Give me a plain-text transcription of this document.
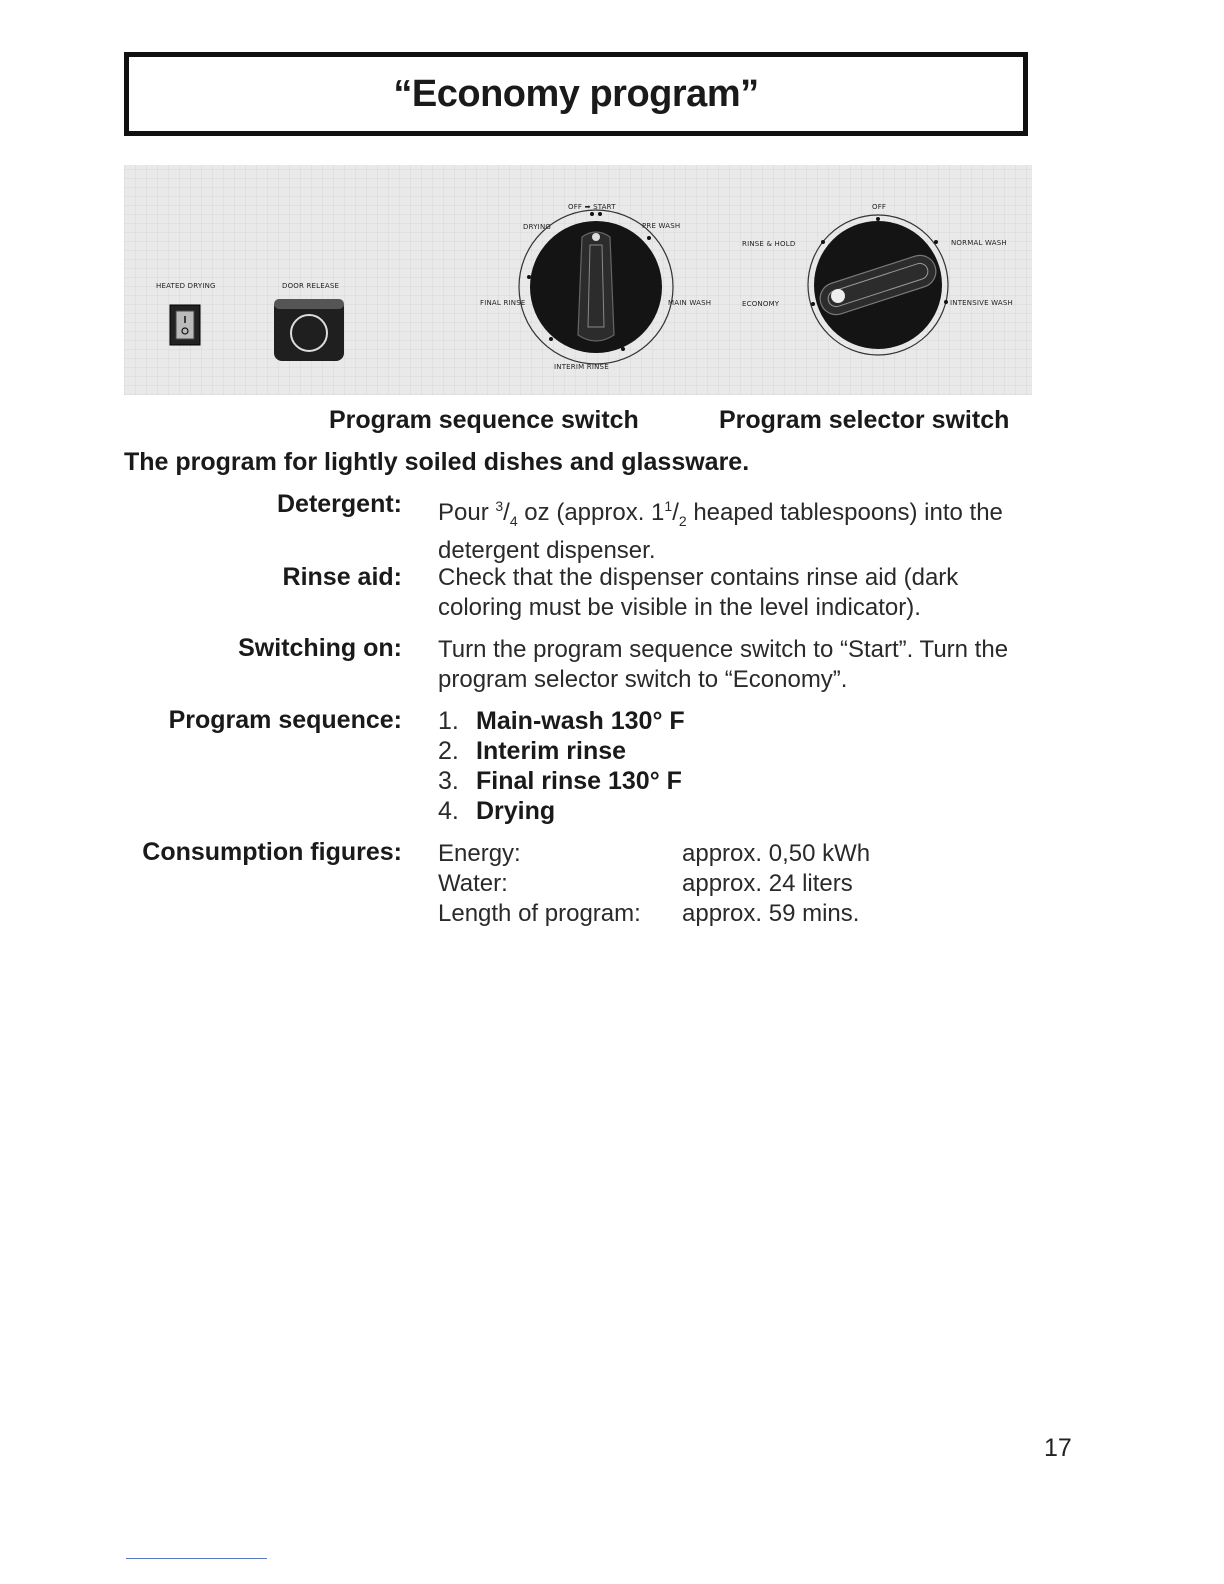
“Economy program”
HEATED DRYING	DOOR RELEASE
OFF ➡ START
DRYING	PRE WASH
FINAL RINSE	MAIN WASH
INTERIM RINSE
OFF
RINSE & HOLD	NORMAL WASH
ECONOMY	INTENSIVE WASH
Program sequence switch	Program selector switch
The program for lightly soiled dishes and glassware.
Detergent: Pour $^3/_4$ oz (approx. $1^1/_2$ heaped tablespoons) into the detergent dispenser.
Rinse aid: Check that the dispenser contains rinse aid (dark coloring must be visible in the level indicator).
Switching on: Turn the program sequence switch to “Start”. Turn the program selector switch to “Economy”.
Program sequence: 1. Main-wash 130° F
2. Interim rinse
3. Final rinse 130° F
4. Drying
Consumption figures: Energy:	approx. 0,50 kWh
Water:	approx. 24 liters
Length of program: approx. 59 mins.
17
